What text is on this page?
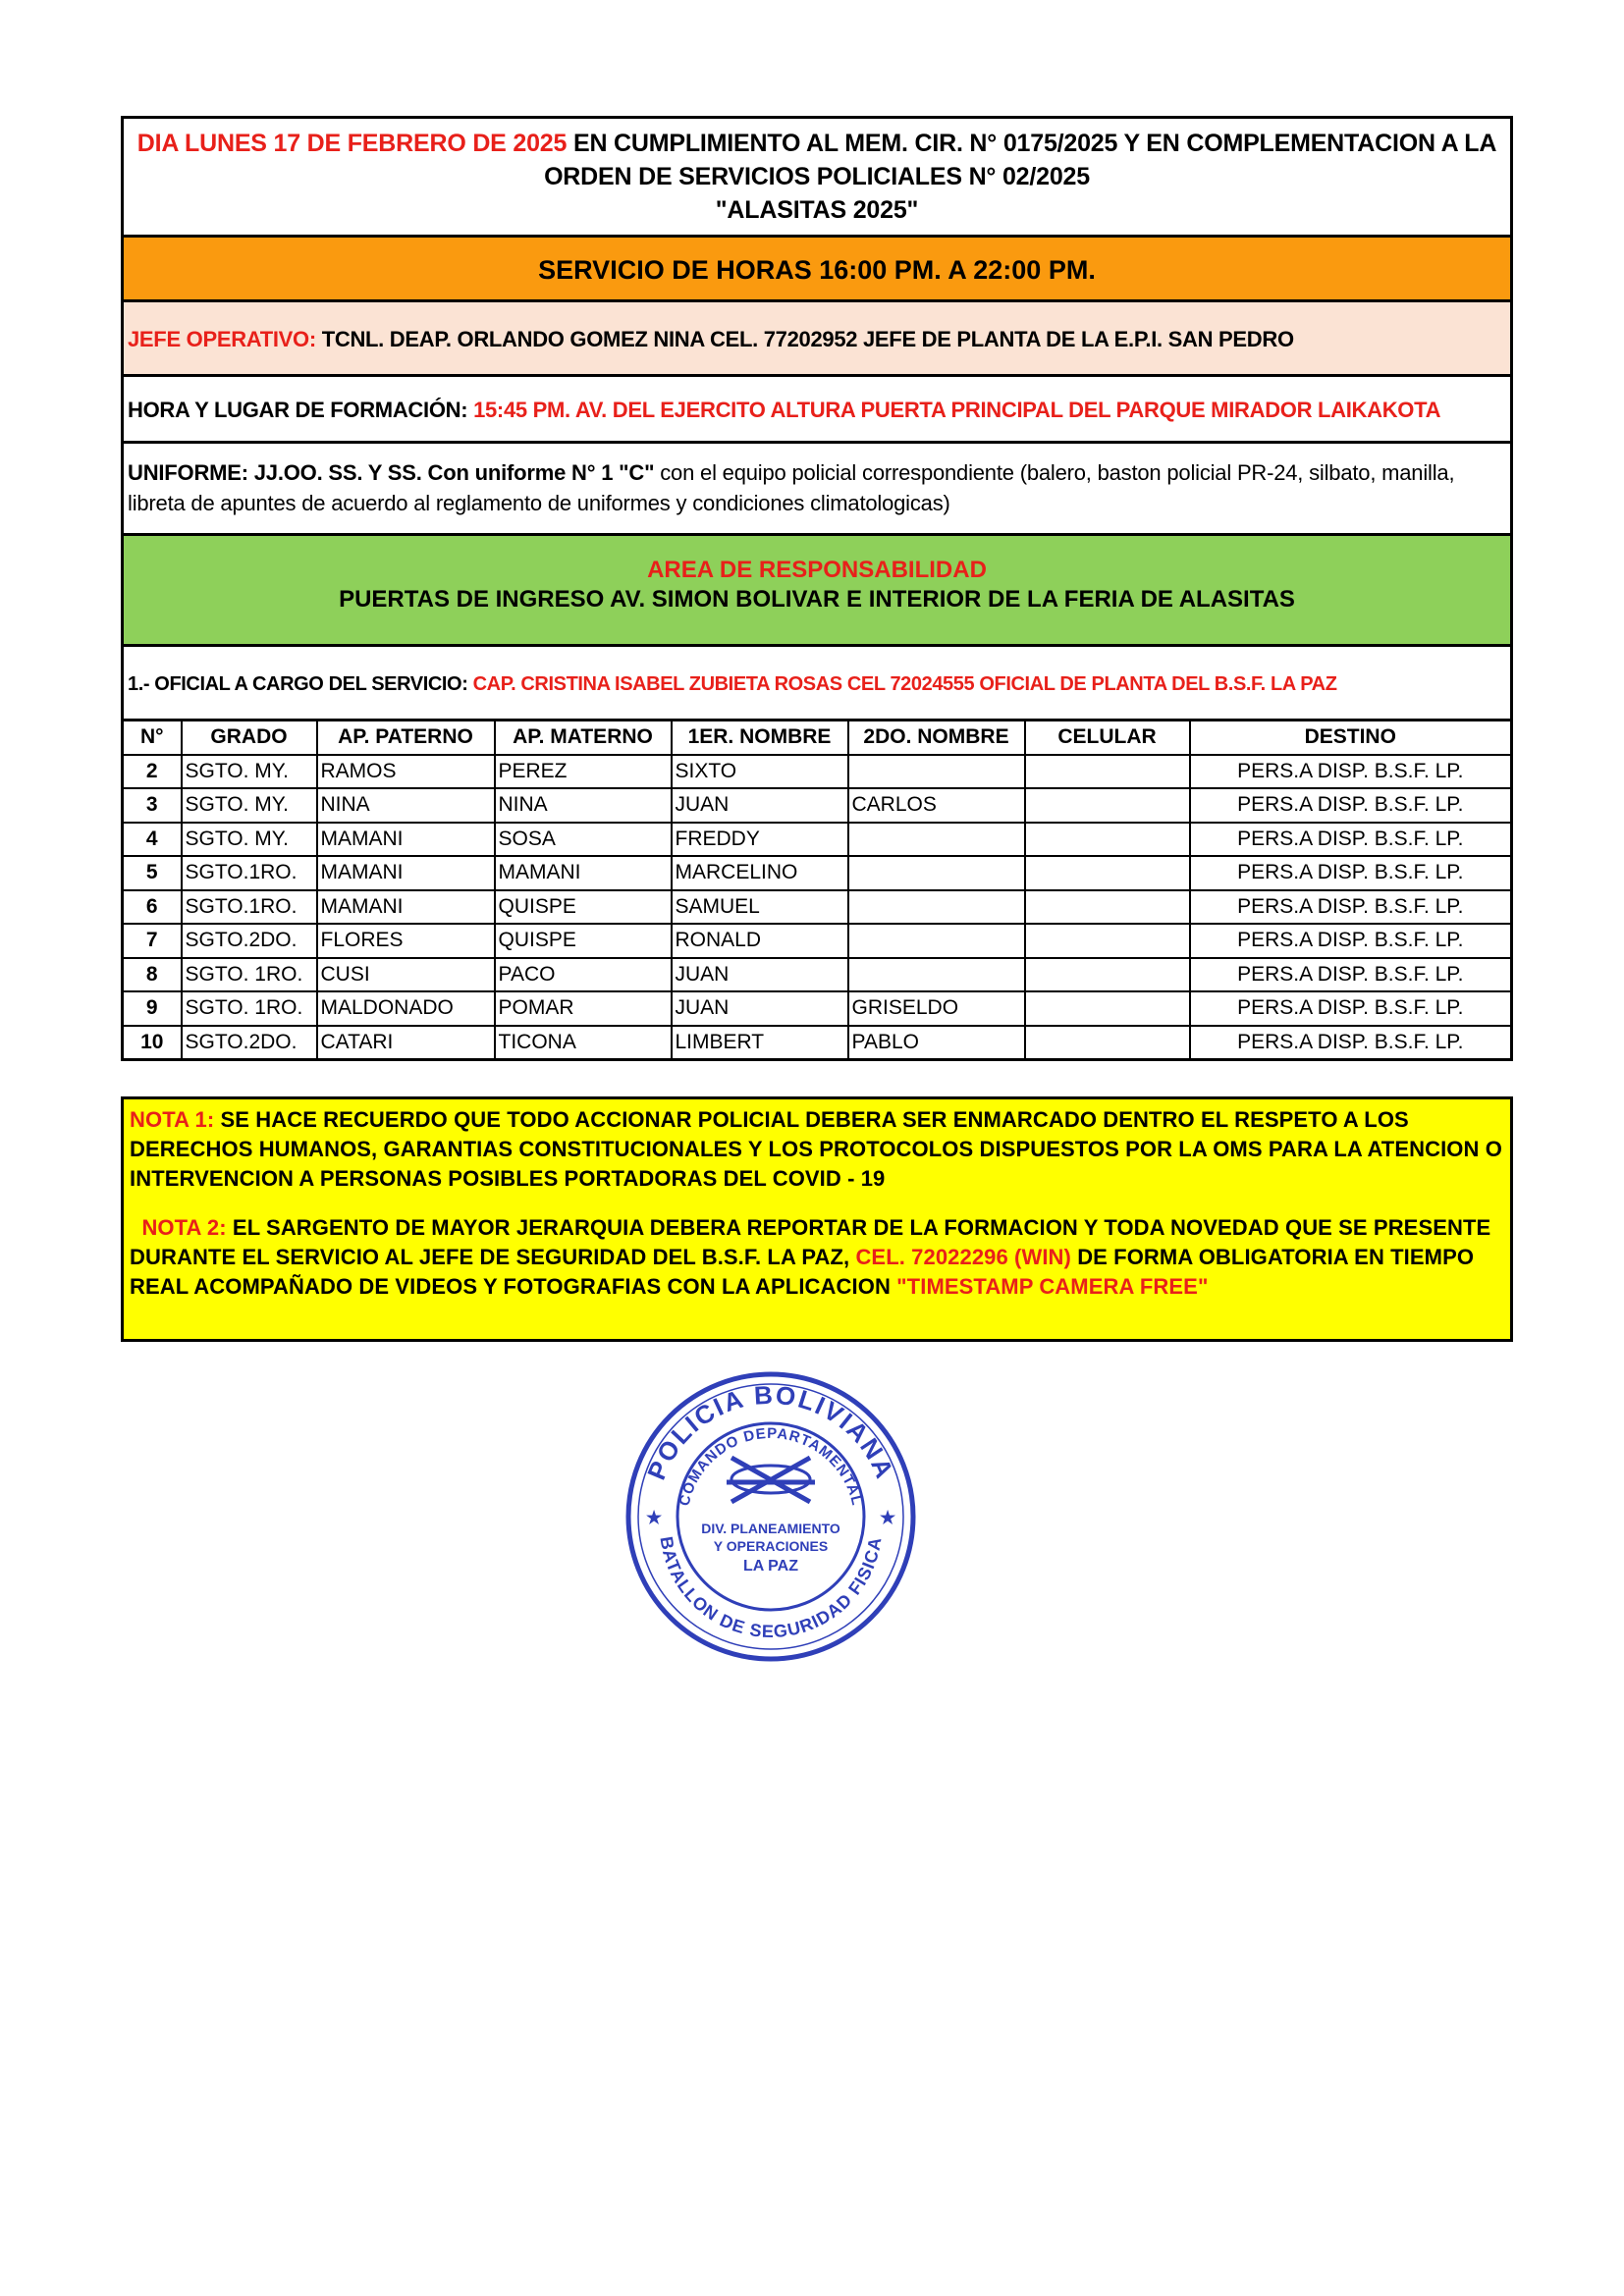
DIA LUNES 17 DE FEBRERO DE 2025 EN CUMPLIMIENTO AL MEM. CIR. N° 0175/2025 Y EN COMPLEMENTACION A LA
ORDEN DE SERVICIOS POLICIALES N° 02/2025
"ALASITAS 2025"
SERVICIO DE HORAS 16:00 PM. A 22:00 PM.
JEFE OPERATIVO: TCNL. DEAP. ORLANDO GOMEZ NINA CEL. 77202952 JEFE DE PLANTA DE LA E.P.I. SAN PEDRO
HORA Y LUGAR DE FORMACIÓN: 15:45 PM. AV. DEL EJERCITO ALTURA PUERTA PRINCIPAL DEL PARQUE MIRADOR LAIKAKOTA
UNIFORME: JJ.OO. SS. Y SS. Con uniforme N° 1 "C" con el equipo policial correspondiente (balero, baston policial PR-24, silbato, manilla, libreta de apuntes de acuerdo al reglamento de uniformes y condiciones climatologicas)
AREA DE RESPONSABILIDAD
PUERTAS DE INGRESO AV. SIMON BOLIVAR E INTERIOR DE LA FERIA DE ALASITAS
1.- OFICIAL A CARGO DEL SERVICIO: CAP. CRISTINA ISABEL ZUBIETA ROSAS CEL 72024555 OFICIAL DE PLANTA DEL B.S.F. LA PAZ
N°	GRADO	AP. PATERNO	AP. MATERNO	1ER. NOMBRE	2DO. NOMBRE	CELULAR	DESTINO
2	SGTO. MY.	RAMOS	PEREZ	SIXTO			PERS.A DISP. B.S.F. LP.
3	SGTO. MY.	NINA	NINA	JUAN	CARLOS		PERS.A DISP. B.S.F. LP.
4	SGTO. MY.	MAMANI	SOSA	FREDDY			PERS.A DISP. B.S.F. LP.
5	SGTO.1RO.	MAMANI	MAMANI	MARCELINO			PERS.A DISP. B.S.F. LP.
6	SGTO.1RO.	MAMANI	QUISPE	SAMUEL			PERS.A DISP. B.S.F. LP.
7	SGTO.2DO.	FLORES	QUISPE	RONALD			PERS.A DISP. B.S.F. LP.
8	SGTO. 1RO.	CUSI	PACO	JUAN			PERS.A DISP. B.S.F. LP.
9	SGTO. 1RO.	MALDONADO	POMAR	JUAN	GRISELDO		PERS.A DISP. B.S.F. LP.
10	SGTO.2DO.	CATARI	TICONA	LIMBERT	PABLO		PERS.A DISP. B.S.F. LP.

NOTA 1: SE HACE RECUERDO QUE TODO ACCIONAR POLICIAL DEBERA SER ENMARCADO DENTRO EL RESPETO A LOS DERECHOS HUMANOS, GARANTIAS CONSTITUCIONALES Y LOS PROTOCOLOS DISPUESTOS POR LA OMS PARA LA ATENCION O INTERVENCION A PERSONAS POSIBLES PORTADORAS DEL COVID - 19

NOTA 2: EL SARGENTO DE MAYOR JERARQUIA DEBERA REPORTAR DE LA FORMACION Y TODA NOVEDAD QUE SE PRESENTE DURANTE EL SERVICIO AL JEFE DE SEGURIDAD DEL B.S.F. LA PAZ, CEL. 72022296 (WIN) DE FORMA OBLIGATORIA EN TIEMPO REAL ACOMPAÑADO DE VIDEOS Y FOTOGRAFIAS CON LA APLICACION "TIMESTAMP CAMERA FREE"

POLICIA BOLIVIANA
COMANDO DEPARTAMENTAL
BATALLON DE SEGURIDAD FISICA
DIV. PLANEAMIENTO
Y OPERACIONES
LA PAZ
★	★
